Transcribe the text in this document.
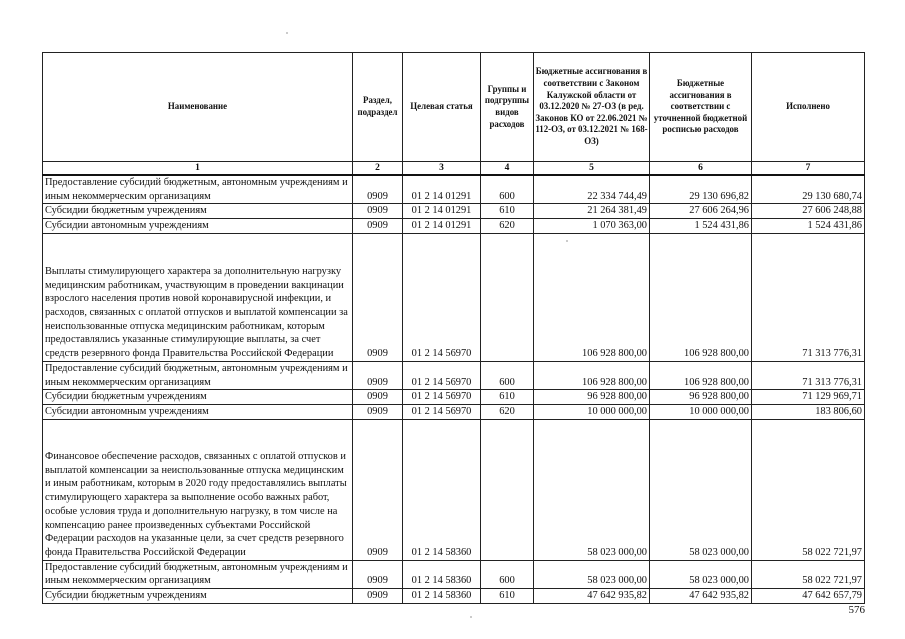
Наименование	Раздел, подраздел	Целевая статья	Группы и подгруппы видов расходов	Бюджетные ассигнования в соответствии с Законом Калужской области от 03.12.2020 № 27-ОЗ (в ред. Законов КО от 22.06.2021 № 112-ОЗ, от 03.12.2021 № 168-ОЗ)	Бюджетные ассигнования в соответствии с уточненной бюджетной росписью расходов	Исполнено
1	2	3	4	5	6	7
Предоставление субсидий бюджетным, автономным учреждениям и иным некоммерческим организациям	0909	01 2 14 01291	600	22 334 744,49	29 130 696,82	29 130 680,74
Субсидии бюджетным учреждениям	0909	01 2 14 01291	610	21 264 381,49	27 606 264,96	27 606 248,88
Субсидии автономным учреждениям	0909	01 2 14 01291	620	1 070 363,00	1 524 431,86	1 524 431,86
Выплаты стимулирующего характера за дополнительную нагрузку медицинским работникам, участвующим в проведении вакцинации взрослого населения против новой коронавирусной инфекции, и расходов, связанных с оплатой отпусков и выплатой компенсации за неиспользованные отпуска медицинским работникам, которым предоставлялись указанные стимулирующие выплаты, за счет средств резервного фонда Правительства Российской Федерации	0909	01 2 14 56970		106 928 800,00	106 928 800,00	71 313 776,31
Предоставление субсидий бюджетным, автономным учреждениям и иным некоммерческим организациям	0909	01 2 14 56970	600	106 928 800,00	106 928 800,00	71 313 776,31
Субсидии бюджетным учреждениям	0909	01 2 14 56970	610	96 928 800,00	96 928 800,00	71 129 969,71
Субсидии автономным учреждениям	0909	01 2 14 56970	620	10 000 000,00	10 000 000,00	183 806,60
Финансовое обеспечение расходов, связанных с оплатой отпусков и выплатой компенсации за неиспользованные отпуска медицинским и иным работникам, которым в 2020 году предоставлялись выплаты стимулирующего характера за выполнение особо важных работ, особые условия труда и дополнительную нагрузку, в том числе на компенсацию ранее произведенных субъектами Российской Федерации расходов на указанные цели, за счет средств резервного фонда Правительства Российской Федерации	0909	01 2 14 58360		58 023 000,00	58 023 000,00	58 022 721,97
Предоставление субсидий бюджетным, автономным учреждениям и иным некоммерческим организациям	0909	01 2 14 58360	600	58 023 000,00	58 023 000,00	58 022 721,97
Субсидии бюджетным учреждениям	0909	01 2 14 58360	610	47 642 935,82	47 642 935,82	47 642 657,79
576
